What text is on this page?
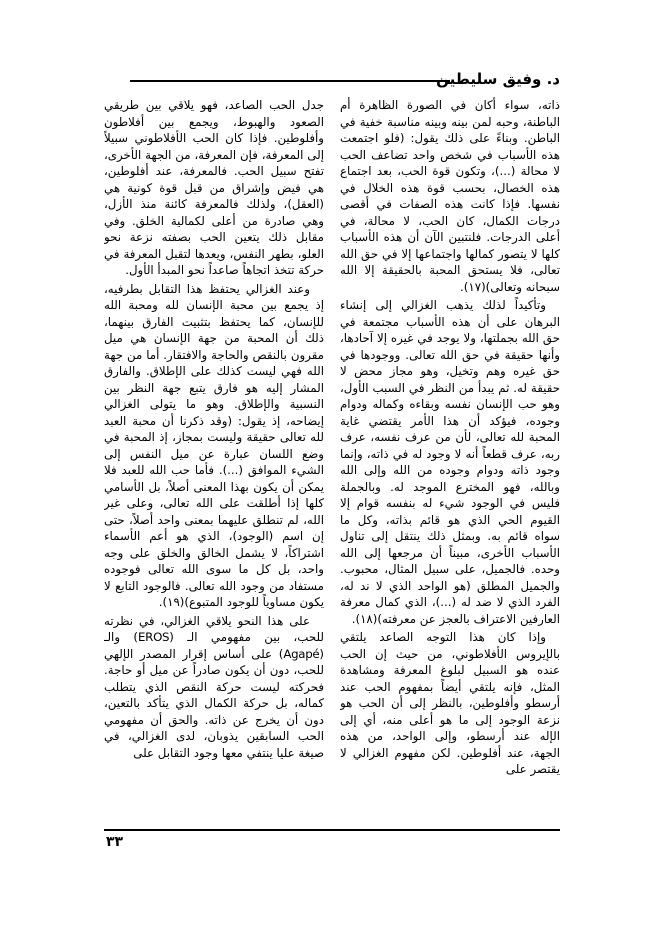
د. وفيق سليطين

ذاته، سواء أكان في الصورة الظاهرة أم الباطنة، وحبه لمن بينه وبينه مناسبة خفية في الباطن. وبناءً على ذلك يقول: (فلو اجتمعت هذه الأسباب في شخص واحد تضاعف الحب لا محالة (...)، وتكون قوة الحب، بعد اجتماع هذه الخصال، بحسب قوة هذه الخلال في نفسها. فإذا كانت هذه الصفات في أقصى درجات الكمال، كان الحب، لا محالة، في أعلى الدرجات. فلنتبين الآن أن هذه الأسباب كلها لا يتصور كمالها واجتماعها إلا في حق الله تعالى، فلا يستحق المحبة بالحقيقة إلا الله سبحانه وتعالى)(١٧).

وتأكيداً لذلك يذهب الغزالي إلى إنشاء البرهان على أن هذه الأسباب مجتمعة في حق الله بجملتها، ولا يوجد في غيره إلا آحادها، وأنها حقيقة في حق الله تعالى. ووجودها في حق غيره وهم وتخيل، وهو مجاز محض لا حقيقة له. ثم يبدأ من النظر في السبب الأول، وهو حب الإنسان نفسه وبقاءه وكماله ودوام وجوده، فيؤكد أن هذا الأمر يقتضي غاية المحبة لله تعالى، لأن من عرف نفسه، عرف ربه، عرف قطعاً أنه لا وجود له في ذاته، وإنما وجود ذاته ودوام وجوده من الله وإلى الله وبالله، فهو المخترع الموجد له. وبالجملة فليس في الوجود شيء له بنفسه قوام إلا القيوم الحي الذي هو قائم بذاته، وكل ما سواه قائم به. وبمثل ذلك ينتقل إلى تناول الأسباب الأخرى، مبيناً أن مرجعها إلى الله وحده. فالجميل، على سبيل المثال، محبوب. والجميل المطلق (هو الواحد الذي لا ند له، الفرد الذي لا ضد له (...)، الذي كمال معرفة العارفين الاعتراف بالعجز عن معرفته)(١٨).

وإذا كان هذا التوجه الصاعد يلتقي بالإيروس الأفلاطوني، من حيث إن الحب عنده هو السبيل لبلوغ المعرفة ومشاهدة المثل، فإنه يلتقي أيضاً بمفهوم الحب عند أرسطو وأفلوطين، بالنظر إلى أن الحب هو نزعة الوجود إلى ما هو أعلى منه، أي إلى الإله عند أرسطو، وإلى الواحد، من هذه الجهة، عند أفلوطين. لكن مفهوم الغزالي لا يقتصر على

جدل الحب الصاعد، فهو يلاقي بين طريقي الصعود والهبوط، ويجمع بين أفلاطون وأفلوطين. فإذا كان الحب الأفلاطوني سبيلاً إلى المعرفة، فإن المعرفة، من الجهة الأخرى، تفتح سبيل الحب. فالمعرفة، عند أفلوطين، هي فيض وإشراق من قبل قوة كونية هي (العقل)، ولذلك فالمعرفة كائنة منذ الأزل، وهي صادرة من أعلى لكمالية الخلق. وفي مقابل ذلك يتعين الحب بصفته نزعة نحو العلو، بطهر النفس، ويعدها لتقبل المعرفة في حركة تتخذ اتجاهاً صاعداً نحو المبدأ الأول.

وعند الغزالي يحتفظ هذا التقابل بطرفيه، إذ يجمع بين محبة الإنسان لله ومحبة الله للإنسان، كما يحتفظ بتثبيت الفارق بينهما، ذلك أن المحبة من جهة الإنسان هي ميل مقرون بالنقص والحاجة والافتقار. أما من جهة الله فهي ليست كذلك على الإطلاق. والفارق المشار إليه هو فارق يتبع جهة النظر بين النسبية والإطلاق. وهو ما يتولى الغزالي إيضاحه، إذ يقول: (وقد ذكرنا أن محبة العبد لله تعالى حقيقة وليست بمجاز، إذ المحبة في وضع اللسان عبارة عن ميل النفس إلى الشيء الموافق (...). فأما حب الله للعبد فلا يمكن أن يكون بهذا المعنى أصلاً، بل الأسامي كلها إذا أطلقت على الله تعالى، وعلى غير الله، لم تنطلق عليهما بمعنى واحد أصلاً، حتى إن اسم (الوجود)، الذي هو أعم الأسماء اشتراكاً، لا يشمل الخالق والخلق على وجه واحد، بل كل ما سوى الله تعالى فوجوده مستفاد من وجود الله تعالى. فالوجود التابع لا يكون مساوياً للوجود المتبوع)(١٩).

على هذا النحو يلاقي الغزالي، في نظرته للحب، بين مفهومي الـ (EROS) والـ (Agapé) على أساس إقرار المصدر الإلهي للحب، دون أن يكون صادراً عن ميل أو حاجة. فحركته ليست حركة النقص الذي يتطلب كماله، بل حركة الكمال الذي يتأكد بالتعين، دون أن يخرج عن ذاته. والحق أن مفهومي الحب السابقين يذوبان، لدى الغزالي، في صيغة عليا ينتفي معها وجود التقابل على

٣٣
